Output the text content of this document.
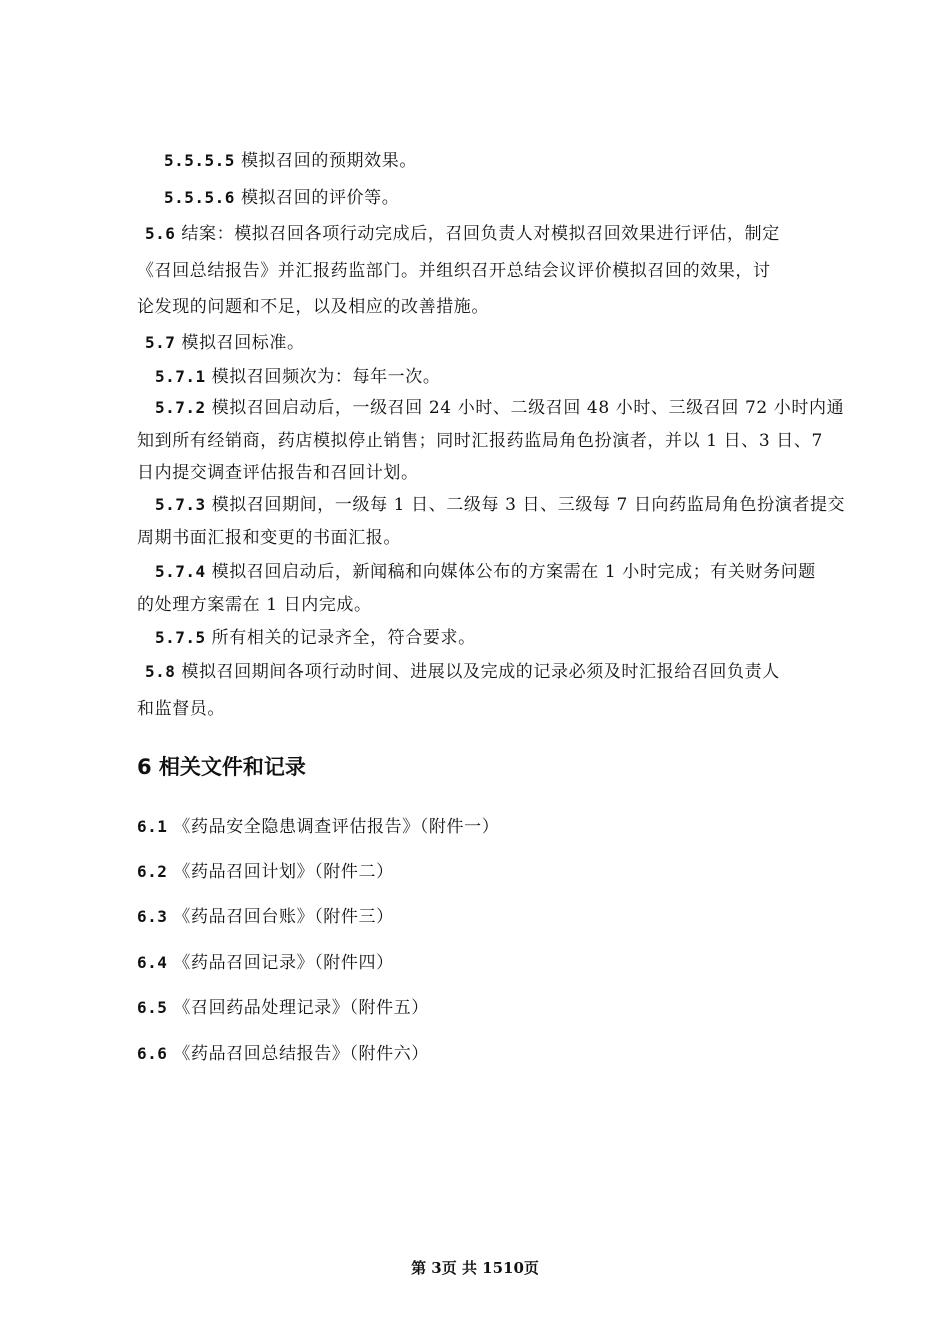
5.5.5.5 模拟召回的预期效果。
5.5.5.6 模拟召回的评价等。
5.6 结案：模拟召回各项行动完成后，召回负责人对模拟召回效果进行评估，制定
《召回总结报告》并汇报药监部门。并组织召开总结会议评价模拟召回的效果，讨
论发现的问题和不足，以及相应的改善措施。
5.7 模拟召回标准。
5.7.1 模拟召回频次为：每年一次。
5.7.2 模拟召回启动后，一级召回 24 小时、二级召回 48 小时、三级召回 72 小时内通
知到所有经销商，药店模拟停止销售；同时汇报药监局角色扮演者，并以 1 日、3 日、7
日内提交调查评估报告和召回计划。
5.7.3 模拟召回期间，一级每 1 日、二级每 3 日、三级每 7 日向药监局角色扮演者提交
周期书面汇报和变更的书面汇报。
5.7.4 模拟召回启动后，新闻稿和向媒体公布的方案需在 1 小时完成；有关财务问题
的处理方案需在 1 日内完成。
5.7.5 所有相关的记录齐全，符合要求。
5.8 模拟召回期间各项行动时间、进展以及完成的记录必须及时汇报给召回负责人
和监督员。
6 相关文件和记录
6.1 《药品安全隐患调查评估报告》（附件一）
6.2 《药品召回计划》（附件二）
6.3 《药品召回台账》（附件三）
6.4 《药品召回记录》（附件四）
6.5 《召回药品处理记录》（附件五）
6.6 《药品召回总结报告》（附件六）
第 3页 共 1510页
